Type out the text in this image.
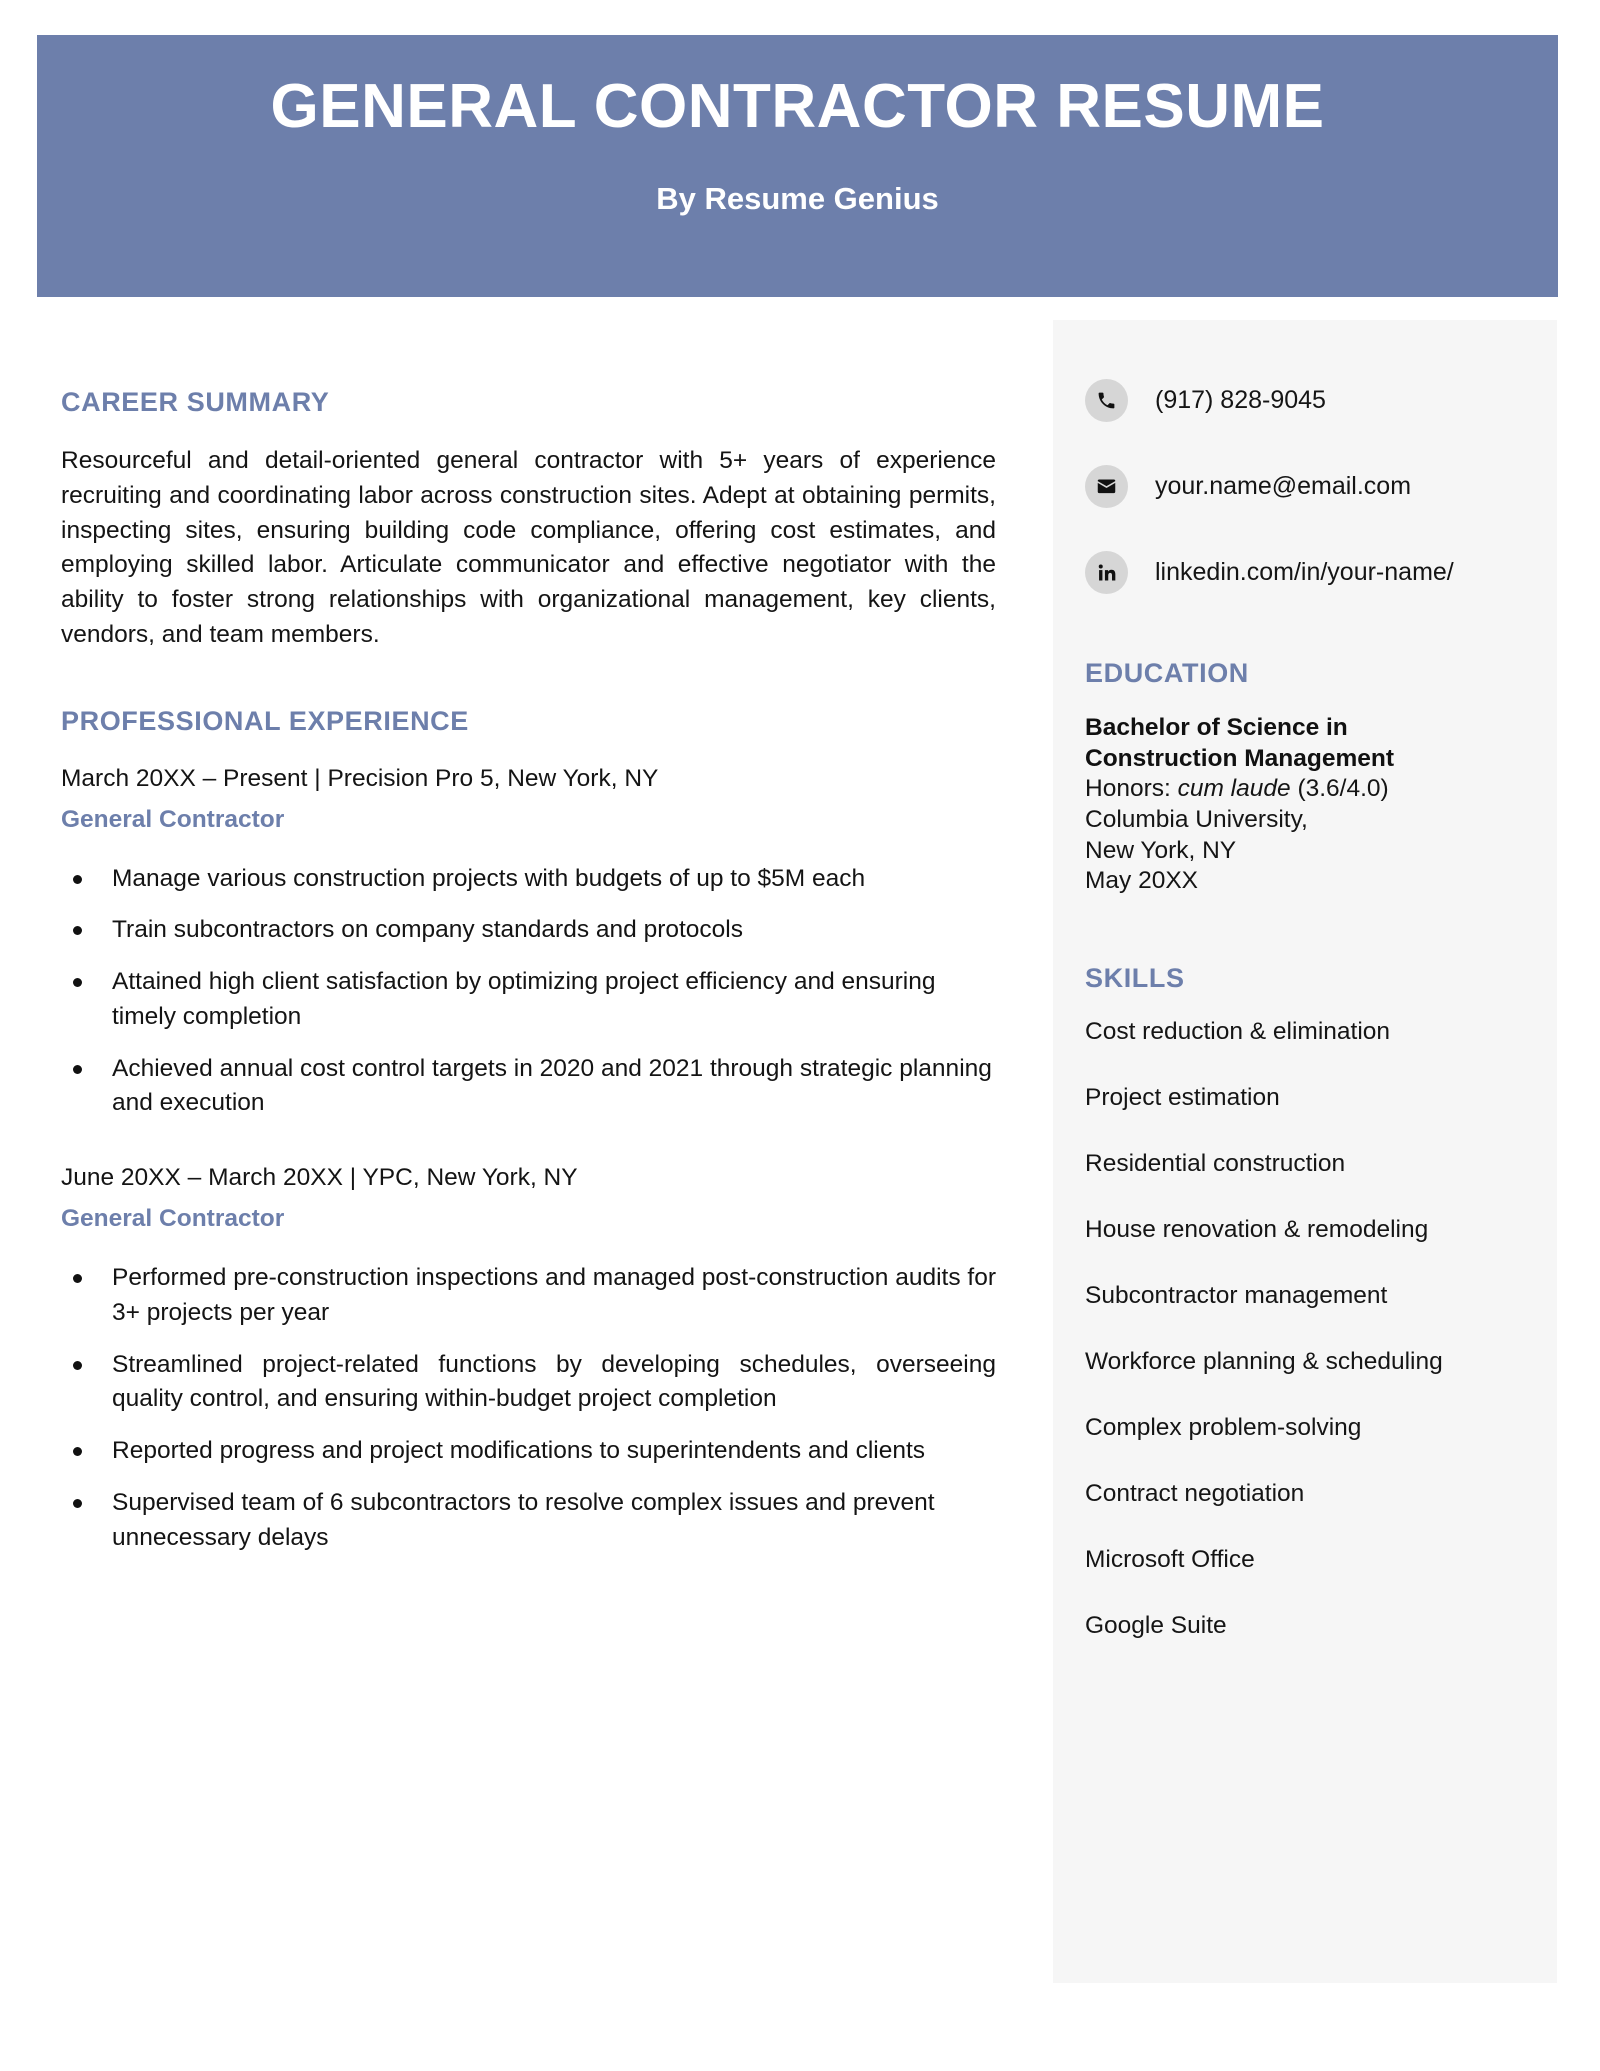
GENERAL CONTRACTOR RESUME
By Resume Genius
CAREER SUMMARY

Resourceful and detail-oriented general contractor with 5+ years of experience recruiting and coordinating labor across construction sites. Adept at obtaining permits, inspecting sites, ensuring building code compliance, offering cost estimates, and employing skilled labor. Articulate communicator and effective negotiator with the ability to foster strong relationships with organizational management, key clients, vendors, and team members.

PROFESSIONAL EXPERIENCE

March 20XX – Present | Precision Pro 5, New York, NY

General Contractor

Manage various construction projects with budgets of up to $5M each
Train subcontractors on company standards and protocols
Attained high client satisfaction by optimizing project efficiency and ensuring timely completion
Achieved annual cost control targets in 2020 and 2021 through strategic planning and execution

June 20XX – March 20XX | YPC, New York, NY

General Contractor

Performed pre-construction inspections and managed post-construction audits for 3+ projects per year
Streamlined project-related functions by developing schedules, overseeing quality control, and ensuring within-budget project completion
Reported progress and project modifications to superintendents and clients
Supervised team of 6 subcontractors to resolve complex issues and prevent unnecessary delays
(917) 828-9045
your.name@email.com
linkedin.com/in/your-name/
EDUCATION

Bachelor of Science in Construction Management

Honors: cum laude (3.6/4.0)

Columbia University,

New York, NY

May 20XX

SKILLS

Cost reduction & elimination

Project estimation

Residential construction

House renovation & remodeling

Subcontractor management

Workforce planning & scheduling

Complex problem-solving

Contract negotiation

Microsoft Office

Google Suite
